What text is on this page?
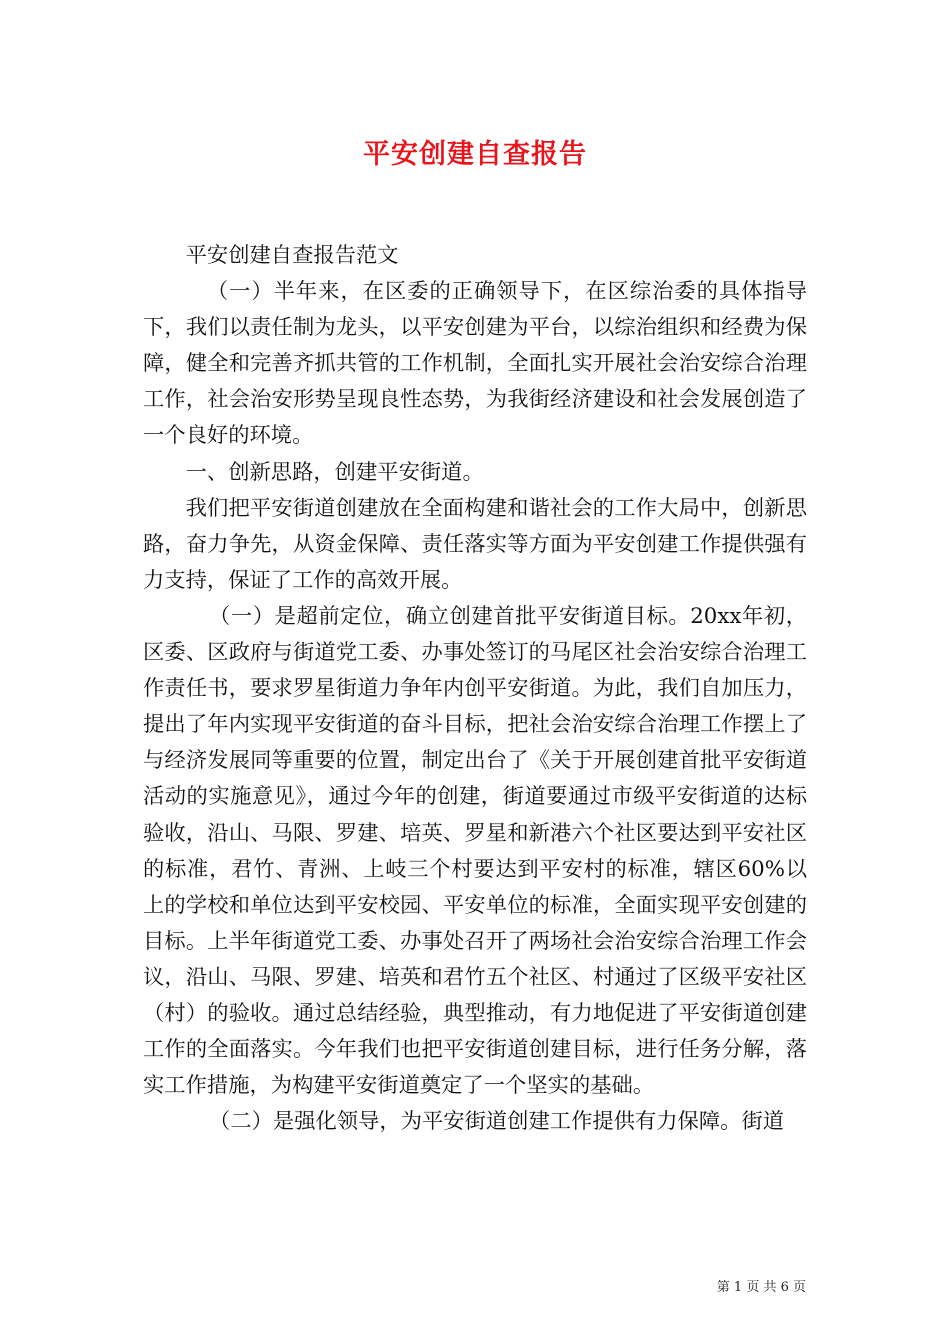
平安创建自查报告

平安创建自查报告范文

（一）半年来，在区委的正确领导下，在区综治委的具体指导下，我们以责任制为龙头，以平安创建为平台，以综治组织和经费为保障，健全和完善齐抓共管的工作机制，全面扎实开展社会治安综合治理工作，社会治安形势呈现良性态势，为我街经济建设和社会发展创造了一个良好的环境。

一、创新思路，创建平安街道。

我们把平安街道创建放在全面构建和谐社会的工作大局中，创新思路，奋力争先，从资金保障、责任落实等方面为平安创建工作提供强有力支持，保证了工作的高效开展。

（一）是超前定位，确立创建首批平安街道目标。20xx年初，区委、区政府与街道党工委、办事处签订的马尾区社会治安综合治理工作责任书，要求罗星街道力争年内创平安街道。为此，我们自加压力，提出了年内实现平安街道的奋斗目标，把社会治安综合治理工作摆上了与经济发展同等重要的位置，制定出台了《关于开展创建首批平安街道活动的实施意见》，通过今年的创建，街道要通过市级平安街道的达标验收，沿山、马限、罗建、培英、罗星和新港六个社区要达到平安社区的标准，君竹、青洲、上岐三个村要达到平安村的标准，辖区60%以上的学校和单位达到平安校园、平安单位的标准，全面实现平安创建的目标。上半年街道党工委、办事处召开了两场社会治安综合治理工作会议，沿山、马限、罗建、培英和君竹五个社区、村通过了区级平安社区（村）的验收。通过总结经验，典型推动，有力地促进了平安街道创建工作的全面落实。今年我们也把平安街道创建目标，进行任务分解，落实工作措施，为构建平安街道奠定了一个坚实的基础。

（二）是强化领导，为平安街道创建工作提供有力保障。街道

第 1 页 共 6 页
